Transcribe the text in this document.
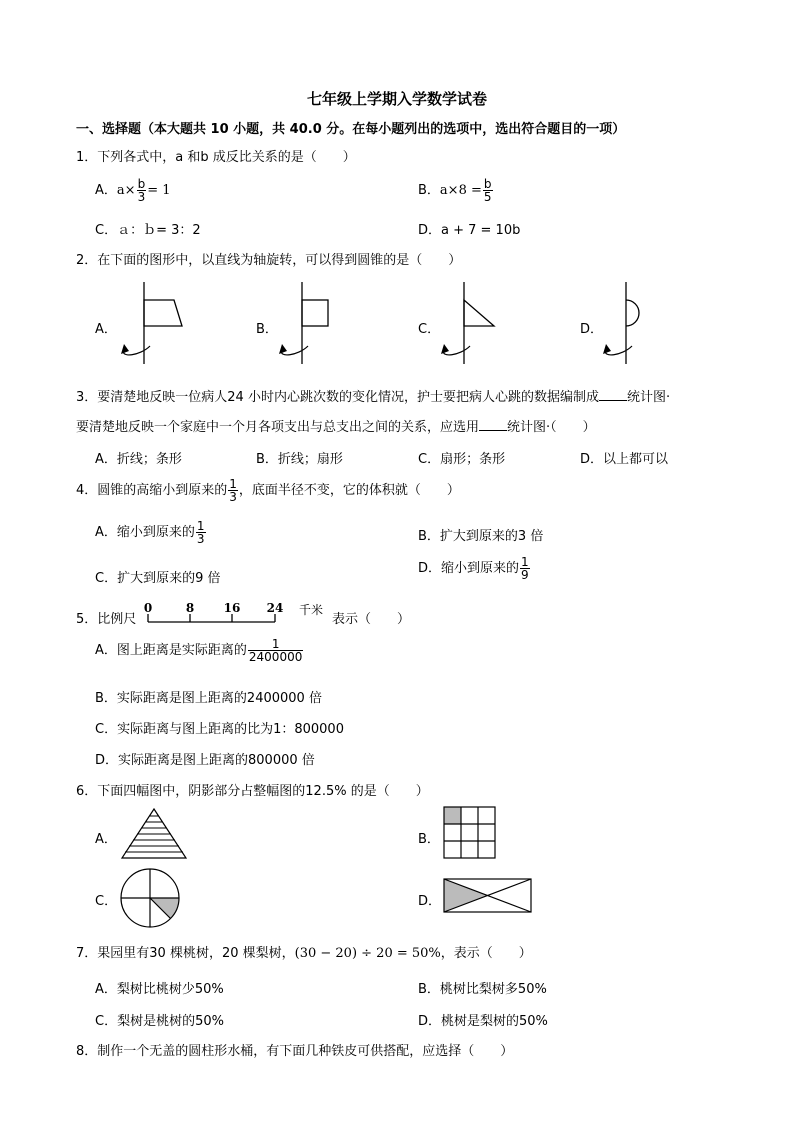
七年级上学期入学数学试卷
一、选择题（本大题共 10 小题，共 40.0 分。在每小题列出的选项中，选出符合题目的一项）
1．下列各式中，a 和b 成反比关系的是（　　）
A．$a\times \frac{b}{3} = 1$	B．$a\times 8 = \frac{b}{5}$
C．ａ：ｂ= 3：2	D．a + 7 = 10b
2．在下面的图形中，以直线为轴旋转，可以得到圆锥的是（　　）
A．	B．	C．	D．
3．要清楚地反映一位病人24 小时内心跳次数的变化情况，护士要把病人心跳的数据编制成 统计图·
要清楚地反映一个家庭中一个月各项支出与总支出之间的关系，应选用 统计图·（　　）
A．折线；条形	B．折线；扇形	C．扇形；条形	D．以上都可以
4．圆锥的高缩小到原来的 $\frac{1}{3}$ ，底面半径不变，它的体积就（　　）
A．缩小到原来的 $\frac{1}{3}$	B．扩大到原来的3 倍
C．扩大到原来的9 倍
D．缩小到原来的 $\frac{1}{9}$
5．比例尺
0	8 16 24 千米
表示（　　）
A．图上距离是实际距离的 $\frac{1}{2400000}$
B．实际距离是图上距离的2400000 倍
C．实际距离与图上距离的比为1：800000
D．实际距离是图上距离的800000 倍
6．下面四幅图中，阴影部分占整幅图的12.5% 的是（　　）
A．	B．
C．	D．
7．果园里有30 棵桃树，20 棵梨树，(30 − 20) ÷ 20 = 50%，表示（　　）
A．梨树比桃树少50%	B．桃树比梨树多50%
C．梨树是桃树的50%	D．桃树是梨树的50%
8．制作一个无盖的圆柱形水桶，有下面几种铁皮可供搭配，应选择（　　）
